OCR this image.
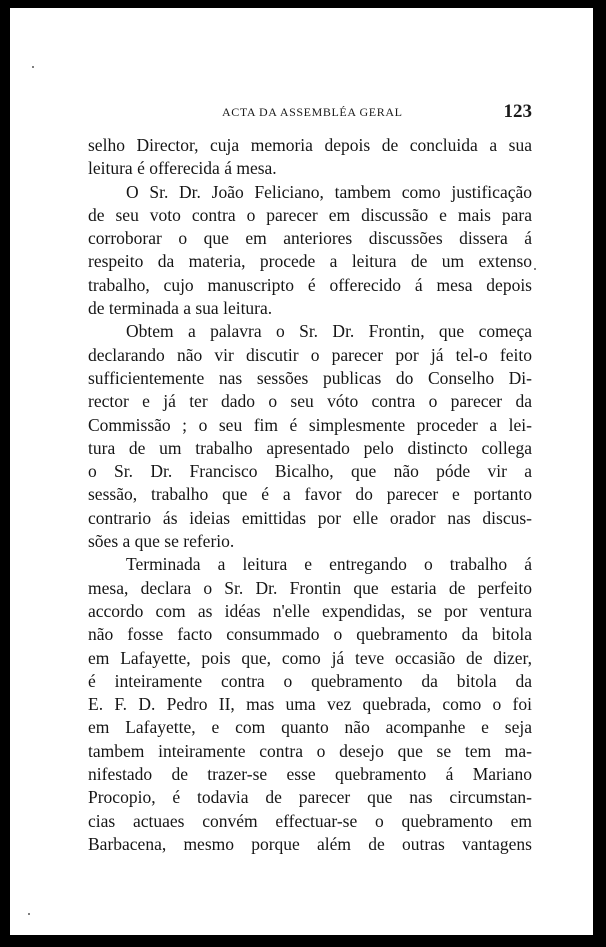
ACTA DA ASSEMBLÉA GERAL	123
selho Director, cuja memoria depois de concluida a sua
leitura é offerecida á mesa.
O Sr. Dr. João Feliciano, tambem como justificação
de seu voto contra o parecer em discussão e mais para
corroborar o que em anteriores discussões dissera á
respeito da materia, procede a leitura de um extenso
trabalho, cujo manuscripto é offerecido á mesa depois
de terminada a sua leitura.
Obtem a palavra o Sr. Dr. Frontin, que começa
declarando não vir discutir o parecer por já tel-o feito
sufficientemente nas sessões publicas do Conselho Di-
rector e já ter dado o seu vóto contra o parecer da
Commissão ; o seu fim é simplesmente proceder a lei-
tura de um trabalho apresentado pelo distincto collega
o Sr. Dr. Francisco Bicalho, que não póde vir a
sessão, trabalho que é a favor do parecer e portanto
contrario ás ideias emittidas por elle orador nas discus-
sões a que se referio.
Terminada a leitura e entregando o trabalho á
mesa, declara o Sr. Dr. Frontin que estaria de perfeito
accordo com as idéas n'elle expendidas, se por ventura
não fosse facto consummado o quebramento da bitola
em Lafayette, pois que, como já teve occasião de dizer,
é inteiramente contra o quebramento da bitola da
E. F. D. Pedro II, mas uma vez quebrada, como o foi
em Lafayette, e com quanto não acompanhe e seja
tambem inteiramente contra o desejo que se tem ma-
nifestado de trazer-se esse quebramento á Mariano
Procopio, é todavia de parecer que nas circumstan-
cias actuaes convém effectuar-se o quebramento em
Barbacena, mesmo porque além de outras vantagens
